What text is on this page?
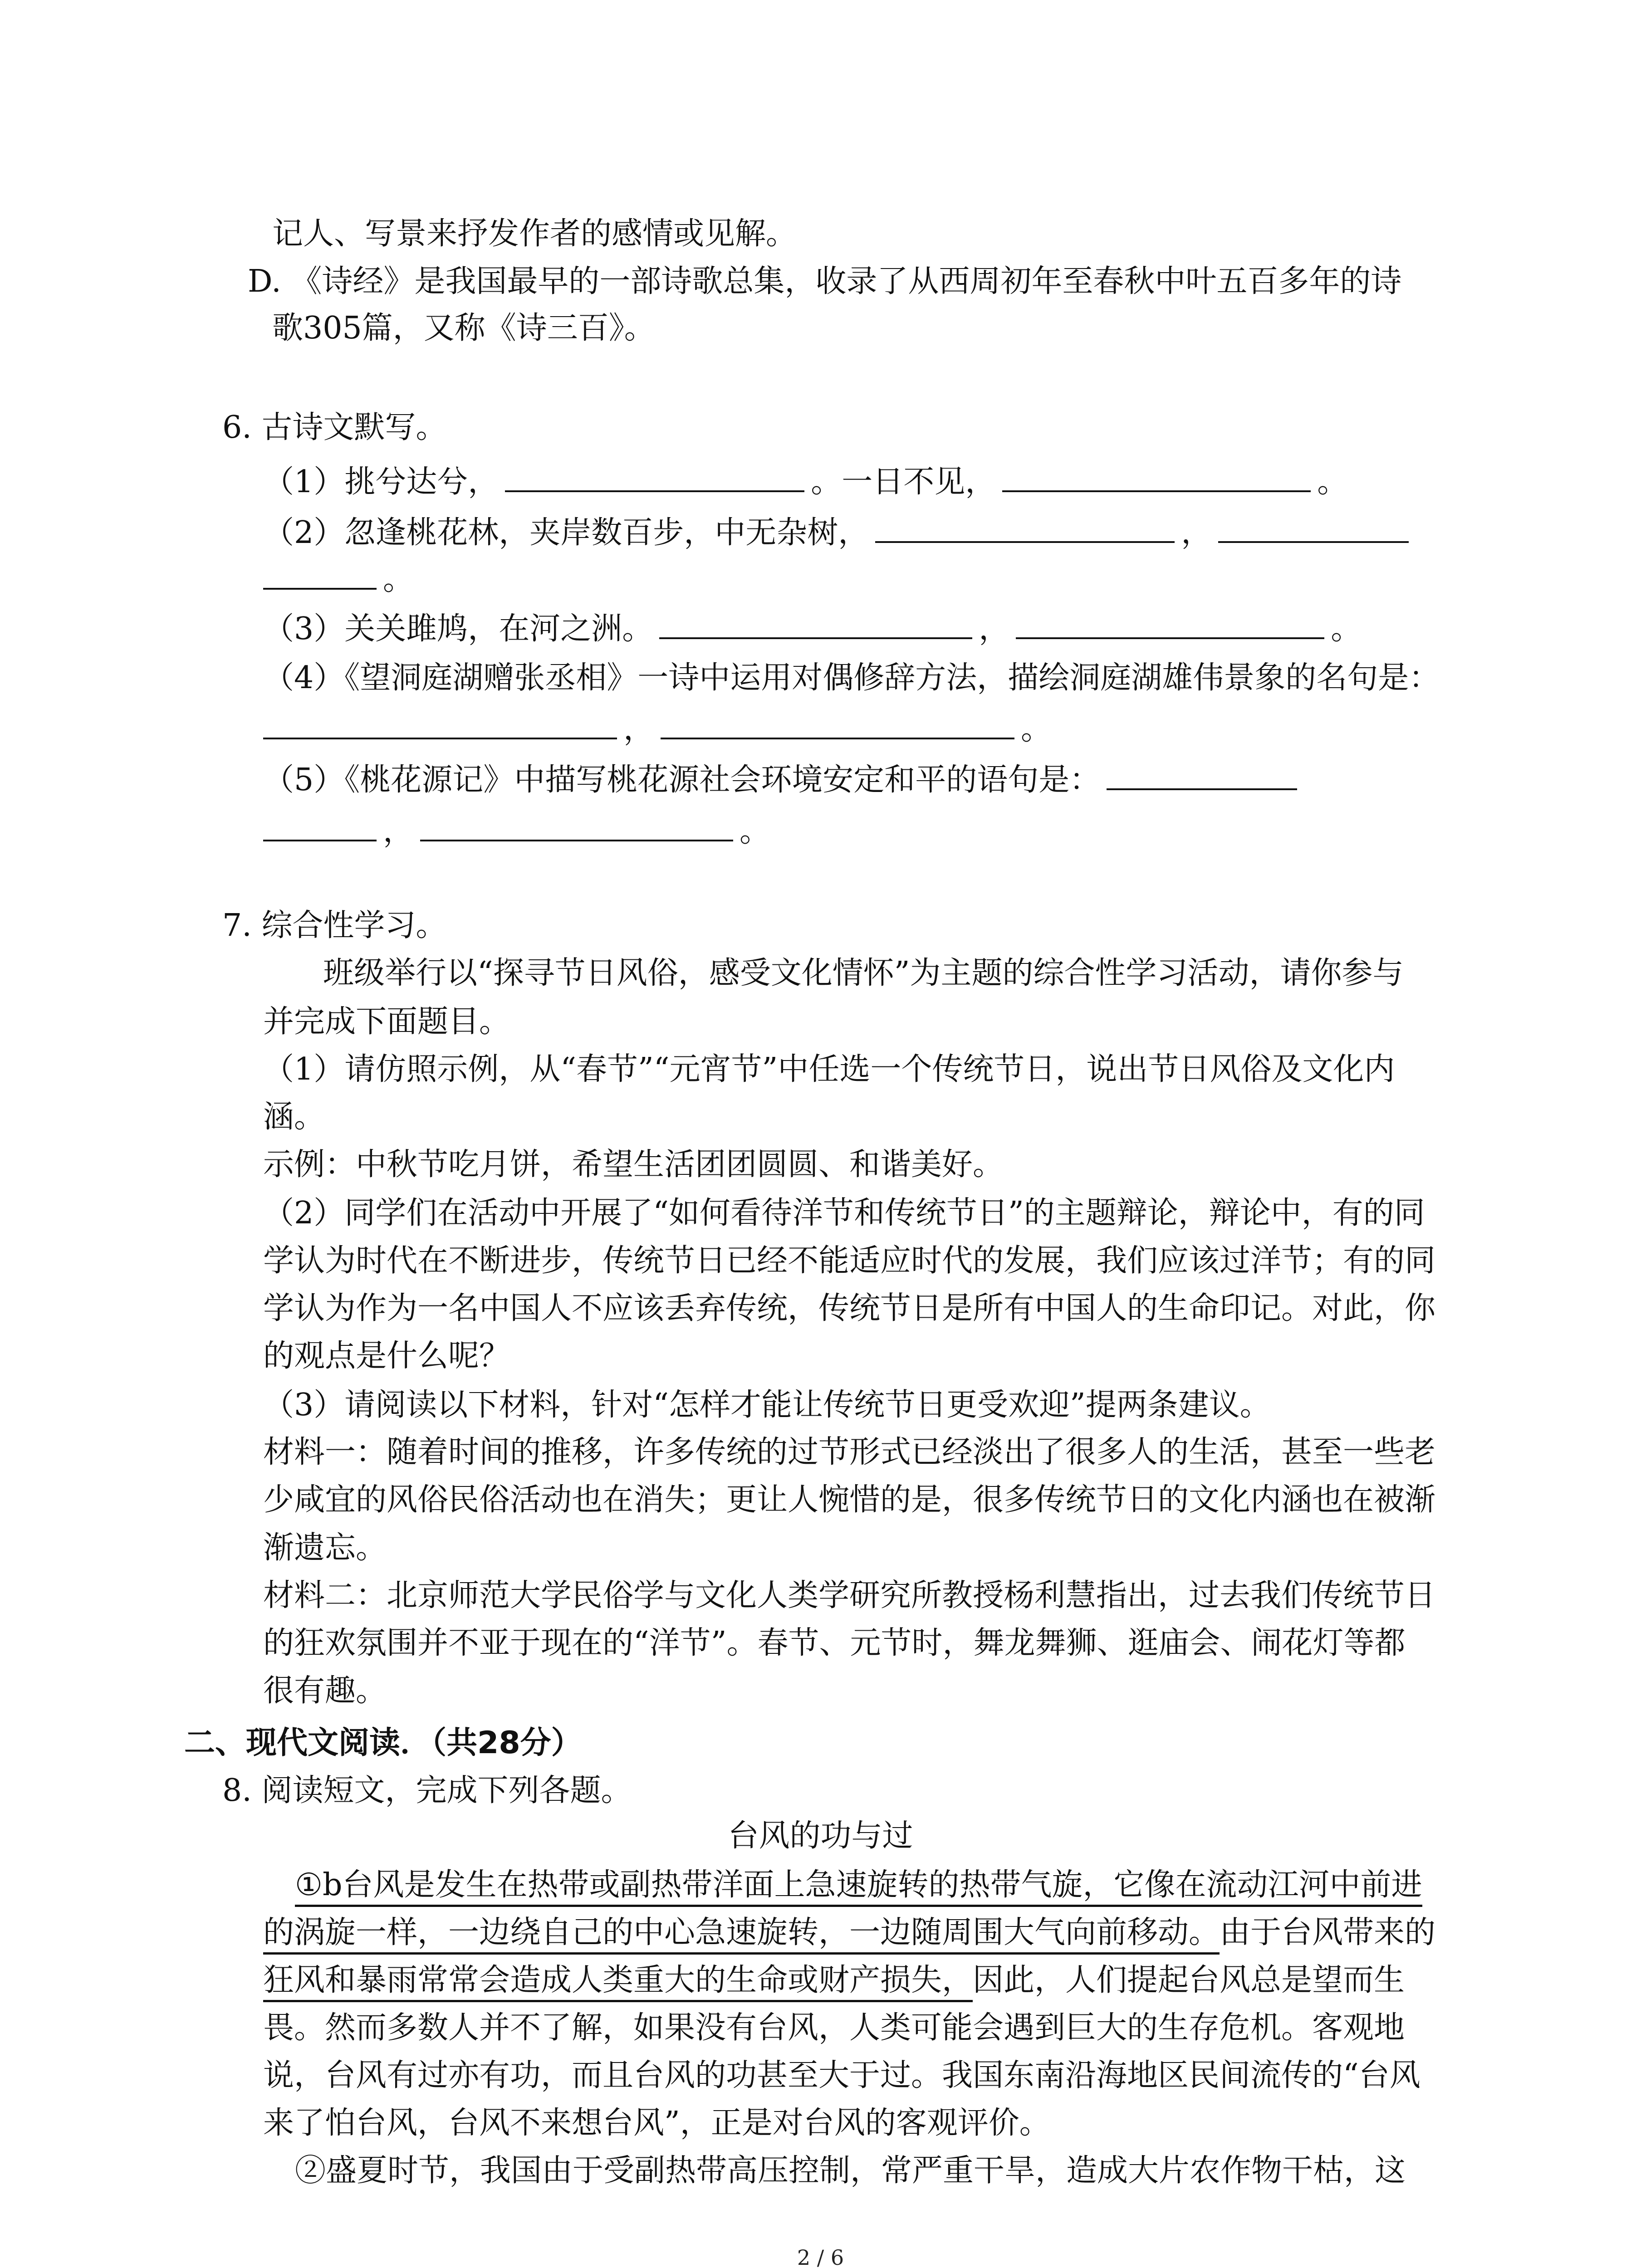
记人、写景来抒发作者的感情或见解。
D. 《诗经》是我国最早的一部诗歌总集，收录了从西周初年至春秋中叶五百多年的诗
歌305篇，又称《诗三百》。
6. 古诗文默写。
（1）挑兮达兮，	。一日不见，	。
（2）忽逢桃花林，夹岸数百步，中无杂树，	，
。
（3）关关雎鸠，在河之洲。	，	。
（4）《望洞庭湖赠张丞相》一诗中运用对偶修辞方法，描绘洞庭湖雄伟景象的名句是：
，	。
（5）《桃花源记》中描写桃花源社会环境安定和平的语句是：
，	。
7. 综合性学习。
班级举行以“探寻节日风俗，感受文化情怀”为主题的综合性学习活动，请你参与
并完成下面题目。
（1）请仿照示例，从“春节”“元宵节”中任选一个传统节日，说出节日风俗及文化内
涵。
示例：中秋节吃月饼，希望生活团团圆圆、和谐美好。
（2）同学们在活动中开展了“如何看待洋节和传统节日”的主题辩论，辩论中，有的同
学认为时代在不断进步，传统节日已经不能适应时代的发展，我们应该过洋节；有的同
学认为作为一名中国人不应该丢弃传统，传统节日是所有中国人的生命印记。对此，你
的观点是什么呢？
（3）请阅读以下材料，针对“怎样才能让传统节日更受欢迎”提两条建议。
材料一：随着时间的推移，许多传统的过节形式已经淡出了很多人的生活，甚至一些老
少咸宜的风俗民俗活动也在消失；更让人惋惜的是，很多传统节日的文化内涵也在被渐
渐遗忘。
材料二：北京师范大学民俗学与文化人类学研究所教授杨利慧指出，过去我们传统节日
的狂欢氛围并不亚于现在的“洋节”。春节、元节时，舞龙舞狮、逛庙会、闹花灯等都
很有趣。
二、现代文阅读．（共28分）
8. 阅读短文，完成下列各题。
台风的功与过
①b台风是发生在热带或副热带洋面上急速旋转的热带气旋，它像在流动江河中前进
的涡旋一样，一边绕自己的中心急速旋转，一边随周围大气向前移动。由于台风带来的
狂风和暴雨常常会造成人类重大的生命或财产损失，因此，人们提起台风总是望而生
畏。然而多数人并不了解，如果没有台风，人类可能会遇到巨大的生存危机。客观地
说，台风有过亦有功，而且台风的功甚至大于过。我国东南沿海地区民间流传的“台风
来了怕台风，台风不来想台风”，正是对台风的客观评价。
②盛夏时节，我国由于受副热带高压控制，常严重干旱，造成大片农作物干枯，这
2 / 6
